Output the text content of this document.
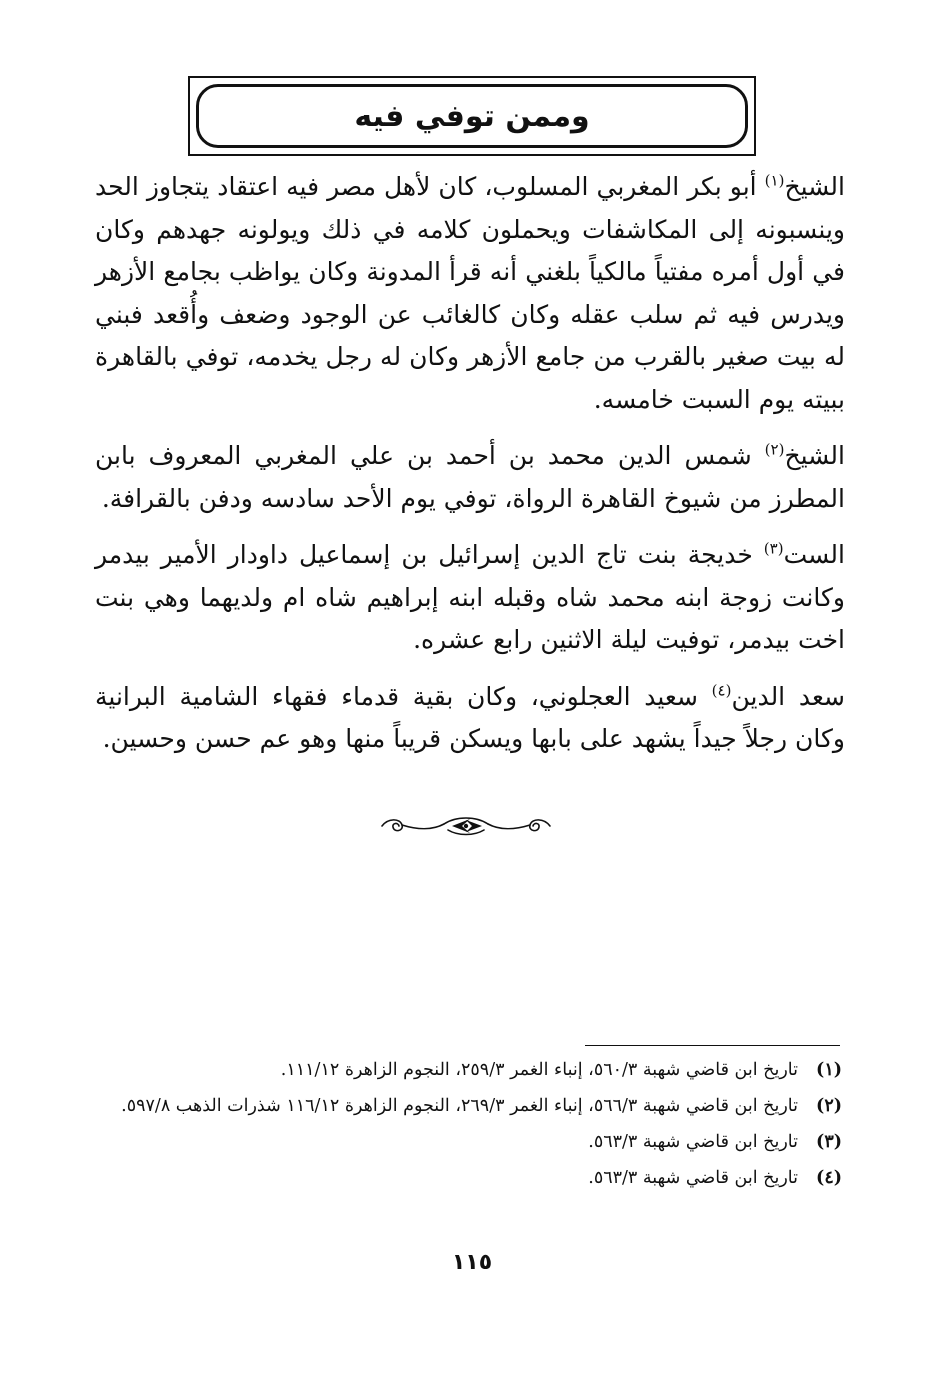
وممن توفي فيه

الشيخ$^{(١)}$ أبو بكر المغربي المسلوب، كان لأهل مصر فيه اعتقاد يتجاوز الحد وينسبونه إلى المكاشفات ويحملون كلامه في ذلك ويولونه جهدهم وكان في أول أمره مفتياً مالكياً بلغني أنه قرأ المدونة وكان يواظب بجامع الأزهر ويدرس فيه ثم سلب عقله وكان كالغائب عن الوجود وضعف وأُقعد فبني له بيت صغير بالقرب من جامع الأزهر وكان له رجل يخدمه، توفي بالقاهرة ببيته يوم السبت خامسه.

الشيخ$^{(٢)}$ شمس الدين محمد بن أحمد بن علي المغربي المعروف بابن المطرز من شيوخ القاهرة الرواة، توفي يوم الأحد سادسه ودفن بالقرافة.

الست$^{(٣)}$ خديجة بنت تاج الدين إسرائيل بن إسماعيل داودار الأمير بيدمر وكانت زوجة ابنه محمد شاه وقبله ابنه إبراهيم شاه ام ولديهما وهي بنت اخت بيدمر، توفيت ليلة الاثنين رابع عشره.

سعد الدين$^{(٤)}$ سعيد العجلوني، وكان بقية قدماء فقهاء الشامية البرانية وكان رجلاً جيداً يشهد على بابها ويسكن قريباً منها وهو عم حسن وحسين.

(١)
تاريخ ابن قاضي شهبة ٥٦٠/٣، إنباء الغمر ٢٥٩/٣، النجوم الزاهرة ١١١/١٢.
(٢)
تاريخ ابن قاضي شهبة ٥٦٦/٣، إنباء الغمر ٢٦٩/٣، النجوم الزاهرة ١١٦/١٢ شذرات الذهب ٥٩٧/٨.
(٣)
تاريخ ابن قاضي شهبة ٥٦٣/٣.
(٤)
تاريخ ابن قاضي شهبة ٥٦٣/٣.
١١٥
